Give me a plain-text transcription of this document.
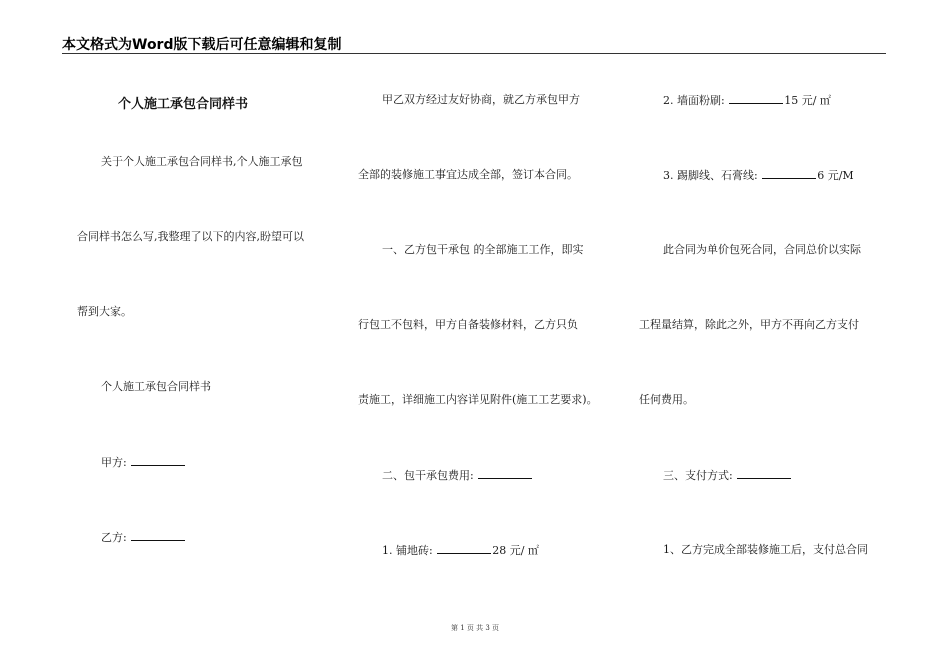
本文格式为Word版下载后可任意编辑和复制
个人施工承包合同样书
关于个人施工承包合同样书,个人施工承包
合同样书怎么写,我整理了以下的内容,盼望可以
帮到大家。
个人施工承包合同样书
甲方:
乙方:
甲乙双方经过友好协商，就乙方承包甲方
全部的装修施工事宜达成全部，签订本合同。
一、乙方包干承包 的全部施工工作，即实
行包工不包料，甲方自备装修材料，乙方只负
责施工，详细施工内容详见附件(施工工艺要求)。
二、包干承包费用:
1. 铺地砖:	28 元/ ㎡
2. 墙面粉刷:	15 元/ ㎡
3. 踢脚线、石膏线:	6 元/M
此合同为单价包死合同，合同总价以实际
工程量结算，除此之外，甲方不再向乙方支付
任何费用。
三、支付方式:
1、乙方完成全部装修施工后，支付总合同
第 1 页 共 3 页
